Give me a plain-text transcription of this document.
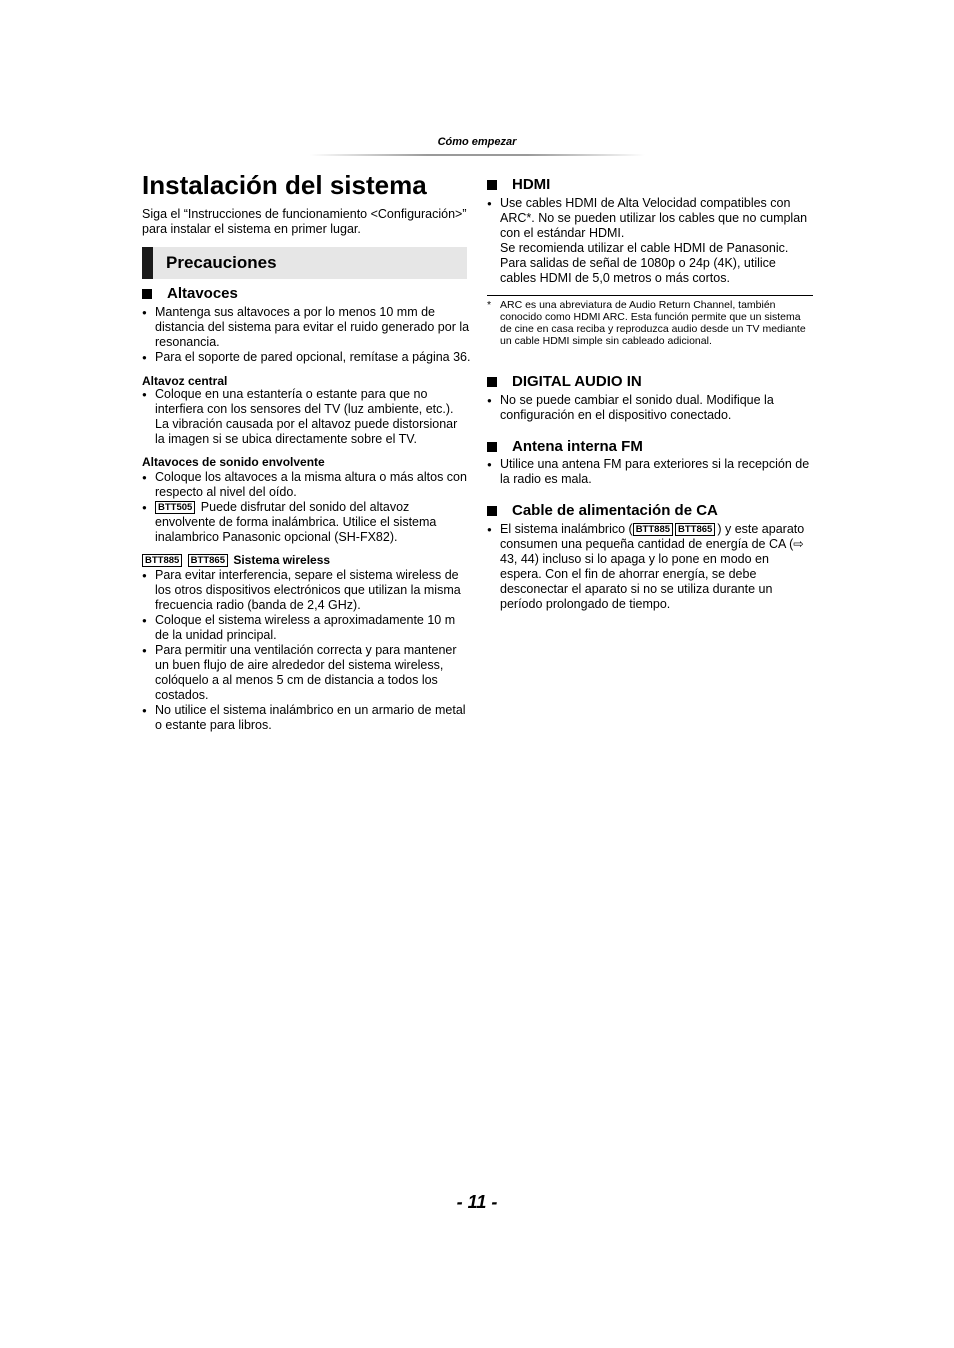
Cómo empezar
Instalación del sistema

Siga el “Instrucciones de funcionamiento <Configuración>” para instalar el sistema en primer lugar.

Precauciones
Altavoces
● Mantenga sus altavoces a por lo menos 10 mm de distancia del sistema para evitar el ruido generado por la resonancia.
● Para el soporte de pared opcional, remítase a página 36.
Altavoz central
● Coloque en una estantería o estante para que no interfiera con los sensores del TV (luz ambiente, etc.). La vibración causada por el altavoz puede distorsionar la imagen si se ubica directamente sobre el TV.
Altavoces de sonido envolvente
● Coloque los altavoces a la misma altura o más altos con respecto al nivel del oído.
● BTT505 Puede disfrutar del sonido del altavoz envolvente de forma inalámbrica. Utilice el sistema inalambrico Panasonic opcional (SH-FX82).
BTT885 BTT865 Sistema wireless
● Para evitar interferencia, separe el sistema wireless de los otros dispositivos electrónicos que utilizan la misma frecuencia radio (banda de 2,4 GHz).
● Coloque el sistema wireless a aproximadamente 10 m de la unidad principal.
● Para permitir una ventilación correcta y para mantener un buen flujo de aire alrededor del sistema wireless, colóquelo a al menos 5 cm de distancia a todos los costados.
● No utilice el sistema inalámbrico en un armario de metal o estante para libros.
HDMI
● Use cables HDMI de Alta Velocidad compatibles con ARC*. No se pueden utilizar los cables que no cumplan con el estándar HDMI.
Se recomienda utilizar el cable HDMI de Panasonic. Para salidas de señal de 1080p o 24p (4K), utilice cables HDMI de 5,0 metros o más cortos.
* ARC es una abreviatura de Audio Return Channel, también conocido como HDMI ARC. Esta función permite que un sistema de cine en casa reciba y reproduzca audio desde un TV mediante un cable HDMI simple sin cableado adicional.
DIGITAL AUDIO IN
● No se puede cambiar el sonido dual. Modifique la configuración en el dispositivo conectado.
Antena interna FM
● Utilice una antena FM para exteriores si la recepción de la radio es mala.
Cable de alimentación de CA
● El sistema inalámbrico ( BTT885 BTT865 ) y este aparato consumen una pequeña cantidad de energía de CA (⇨ 43, 44) incluso si lo apaga y lo pone en modo en espera. Con el fin de ahorrar energía, se debe desconectar el aparato si no se utiliza durante un período prolongado de tiempo.
- 11 -
